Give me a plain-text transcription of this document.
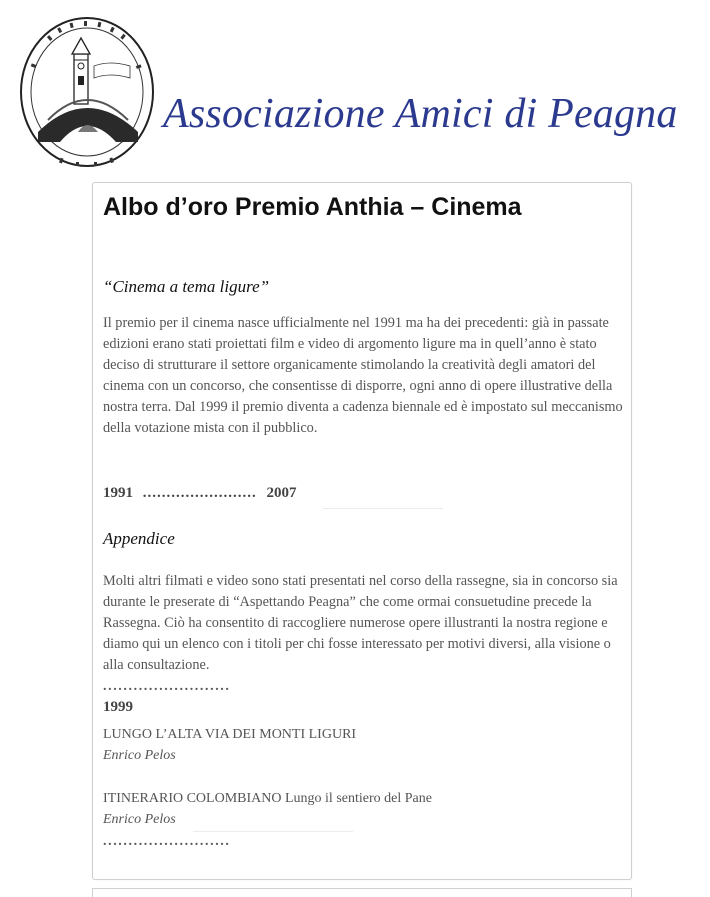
Associazione Amici di Peagna
Albo d’oro Premio Anthia – Cinema
“Cinema a tema ligure”
Il premio per il cinema nasce ufficialmente nel 1991 ma ha dei precedenti: già in passate edizioni erano stati proiettati film e video di argomento ligure ma in quell’anno è stato deciso di strutturare il settore organicamente stimolando la creatività degli amatori del cinema con un concorso, che consentisse di disporre, ogni anno di opere illustrative della nostra terra. Dal 1999 il premio diventa a cadenza biennale ed è impostato sul meccanismo della votazione mista con il pubblico.
1991 ........................ 2007
Appendice
Molti altri filmati e video sono stati presentati nel corso della rassegne, sia in concorso sia durante le preserate di “Aspettando Peagna” che come ormai consuetudine precede la Rassegna. Ciò ha consentito di raccogliere numerose opere illustranti la nostra regione e diamo qui un elenco con i titoli per chi fosse interessato per motivi diversi, alla visione o alla consultazione.
.........................
1999
LUNGO L’ALTA VIA DEI MONTI LIGURI
Enrico Pelos
ITINERARIO COLOMBIANO Lungo il sentiero del Pane
Enrico Pelos
.........................
